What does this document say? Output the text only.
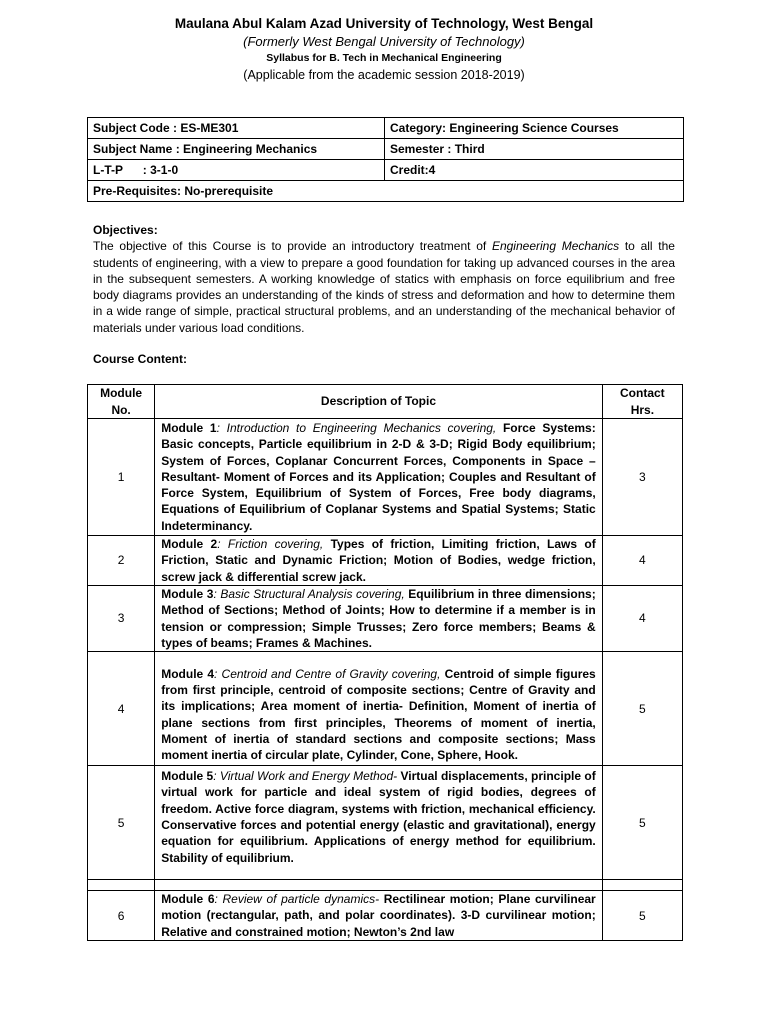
Maulana Abul Kalam Azad University of Technology, West Bengal
(Formerly West Bengal University of Technology)
Syllabus for B. Tech in Mechanical Engineering
(Applicable from the academic session 2018-2019)
Subject Code : ES-ME301	Category: Engineering Science Courses
Subject Name : Engineering Mechanics	Semester : Third
L-T-P      : 3-1-0	Credit:4
Pre-Requisites: No-prerequisite	
Objectives:
The objective of this Course is to provide an introductory treatment of Engineering Mechanics to all the students of engineering, with a view to prepare a good foundation for taking up advanced courses in the area in the subsequent semesters. A working knowledge of statics with emphasis on force equilibrium and free body diagrams provides an understanding of the kinds of stress and deformation and how to determine them in a wide range of simple, practical structural problems, and an understanding of the mechanical behavior of materials under various load conditions.
Course Content:
Module No.	Description of Topic	Contact Hrs.
1	Module 1: Introduction to Engineering Mechanics covering, Force Systems: Basic concepts, Particle equilibrium in 2-D & 3-D; Rigid Body equilibrium; System of Forces, Coplanar Concurrent Forces, Components in Space – Resultant- Moment of Forces and its Application; Couples and Resultant of Force System, Equilibrium of System of Forces, Free body diagrams, Equations of Equilibrium of Coplanar Systems and Spatial Systems; Static Indeterminancy.	3
2	Module 2: Friction covering, Types of friction, Limiting friction, Laws of Friction, Static and Dynamic Friction; Motion of Bodies, wedge friction, screw jack & differential screw jack.	4
3	Module 3: Basic Structural Analysis covering, Equilibrium in three dimensions; Method of Sections; Method of Joints; How to determine if a member is in tension or compression; Simple Trusses; Zero force members; Beams & types of beams; Frames & Machines.	4
4	Module 4: Centroid and Centre of Gravity covering, Centroid of simple figures from first principle, centroid of composite sections; Centre of Gravity and its implications; Area moment of inertia- Definition, Moment of inertia of plane sections from first principles, Theorems of moment of inertia, Moment of inertia of standard sections and composite sections; Mass moment inertia of circular plate, Cylinder, Cone, Sphere, Hook.	5
5	Module 5: Virtual Work and Energy Method- Virtual displacements, principle of virtual work for particle and ideal system of rigid bodies, degrees of freedom. Active force diagram, systems with friction, mechanical efficiency. Conservative forces and potential energy (elastic and gravitational), energy equation for equilibrium. Applications of energy method for equilibrium. Stability of equilibrium.	5

6	Module 6: Review of particle dynamics- Rectilinear motion; Plane curvilinear motion (rectangular, path, and polar coordinates). 3-D curvilinear motion; Relative and constrained motion; Newton’s 2nd law	5
